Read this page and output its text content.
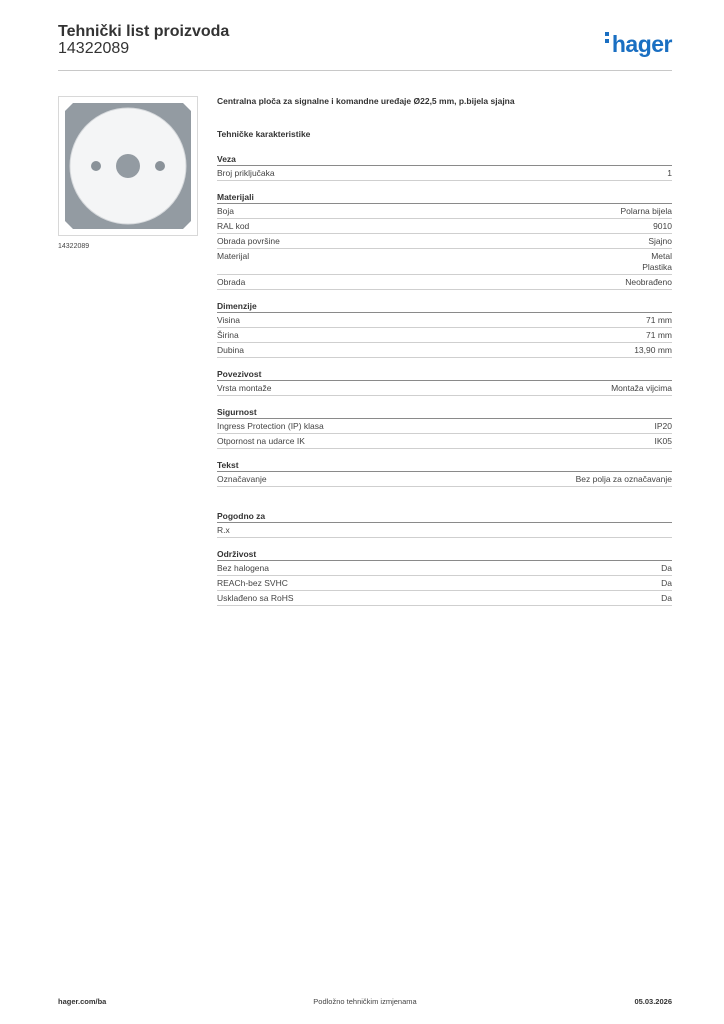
Tehnički list proizvoda
14322089	hager
14322089
Centralna ploča za signalne i komandne uređaje Ø22,5 mm, p.bijela sjajna
Tehničke karakteristike
Veza
Broj priključaka	1
Materijali
Boja	Polarna bijela
RAL kod	9010
Obrada površine	Sjajno
Materijal	Metal
Plastika
Obrada	Neobrađeno
Dimenzije
Visina	71 mm
Širina	71 mm
Dubina	13,90 mm
Povezivost
Vrsta montaže	Montaža vijcima
Sigurnost
Ingress Protection (IP) klasa	IP20
Otpornost na udarce IK	IK05
Tekst
Označavanje	Bez polja za označavanje
Pogodno za
R.x
Održivost
Bez halogena	Da
REACh-bez SVHC	Da
Usklađeno sa RoHS	Da
hager.com/ba	Podložno tehničkim izmjenama	05.03.2026
